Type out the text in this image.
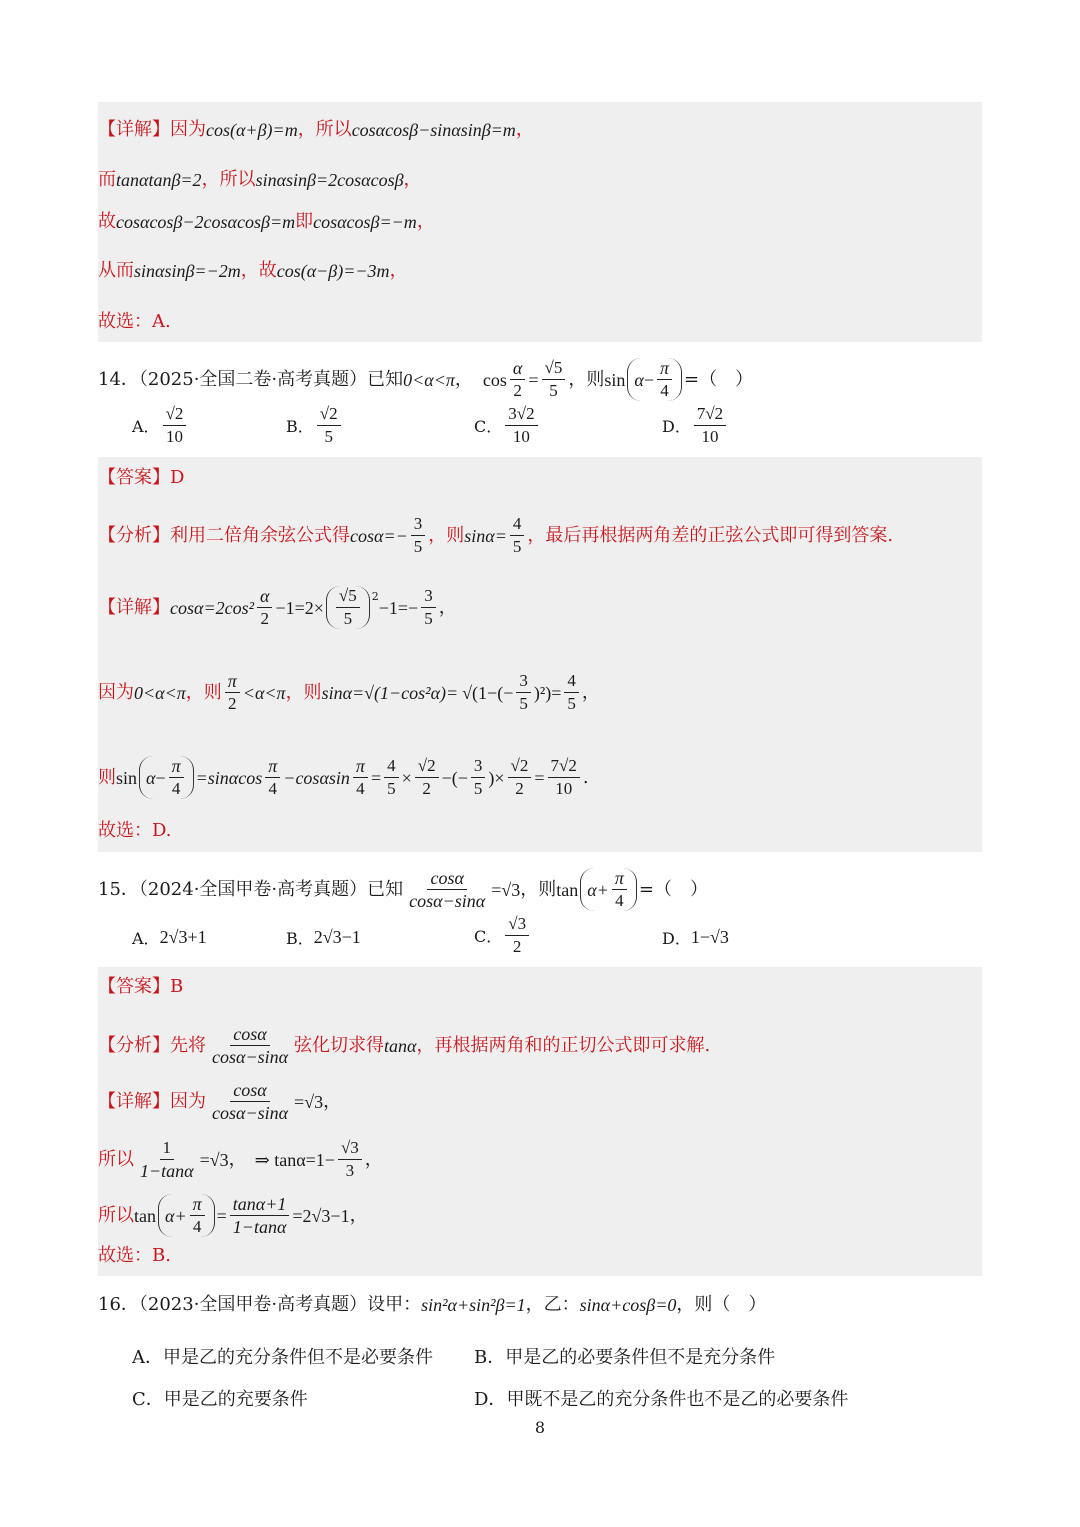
【详解】 因为 cos(α+β)=m ，所以 cosαcosβ−sinαsinβ=m ，
而 tanαtanβ=2 ，所以 sinαsinβ=2cosαcosβ ，
故 cosαcosβ−2cosαcosβ=m 即 cosαcosβ=−m ，
从而 sinαsinβ=−2m ，故 cos(α−β)=−3m ，
故选：A.
14．（2025·全国二卷·高考真题）已知 0<α<π ， $\cos \frac{\alpha}{2} = \frac{√5}{5}$ ，则 $\sin \alpha - \frac{\pi}{4}$ =（　）
A． $\frac{√2}{10}$	B． $\frac{√2}{5}$	C． $\frac{3√2}{10}$	D． $\frac{7√2}{10}$
【答案】D
【分析】 利用二倍角余弦公式得 $\cos\alpha=- \frac{3}{5}$ ，则 $\sin\alpha= \frac{4}{5}$ ，最后再根据两角差的正弦公式即可得到答案.
【详解】 $\cos\alpha=2\cos^2 \frac{\alpha}{2} -1=2\times \frac{√5}{5} ^2$
$-1=- \frac{3}{5}$ ，
因为 0<α<π ，则 $\frac{\pi}{2} <\alpha<\pi$ ，则 $\sin\alpha=√(1-\cos^2\alpha)= √(1-(- \frac{3}{5} )^2)= \frac{4}{5}$ ，
则 $\sin \alpha - \frac{\pi}{4} =\sin\alpha\cos \frac{\pi}{4} -\cos\alpha\sin \frac{\pi}{4} = \frac{4}{5} \times \frac{√2}{2}$ −(− $\frac{3}{5}$ )× $\frac{√2}{2} = \frac{7√2}{10}$ .
故选：D.
15．（2024·全国甲卷·高考真题）已知 $\frac{\cos\alpha}{\cos\alpha-\sin\alpha} =√3$ ，则 $\tan \alpha+ \frac{\pi}{4}$ =（　）
A． 2√3+1	B． 2√3−1	C． $\frac{√3}{2}$	D． 1−√3
【答案】B
【分析】 先将 $\frac{\cos\alpha}{\cos\alpha-\sin\alpha}$ 弦化切求得 tanα ，再根据两角和的正切公式即可求解.
【详解】 因为 $\frac{\cos\alpha}{\cos\alpha-\sin\alpha} =√3$ ，
所以 $\frac{1}{1-\tan\alpha} =√3$ ， ⇒ $\tan\alpha=1- \frac{√3}{3}$ ，
所以 $\tan \alpha+ \frac{\pi}{4} = \frac{\tan\alpha+1}{1-\tan\alpha} =2√3-1$ ，
故选：B.
16．（2023·全国甲卷·高考真题）设甲： sin²α+sin²β=1 ，乙： sinα+cosβ=0 ，则（　）
A． 甲是乙的充分条件但不是必要条件 B． 甲是乙的必要条件但不是充分条件
C． 甲是乙的充要条件	D． 甲既不是乙的充分条件也不是乙的必要条件
8
